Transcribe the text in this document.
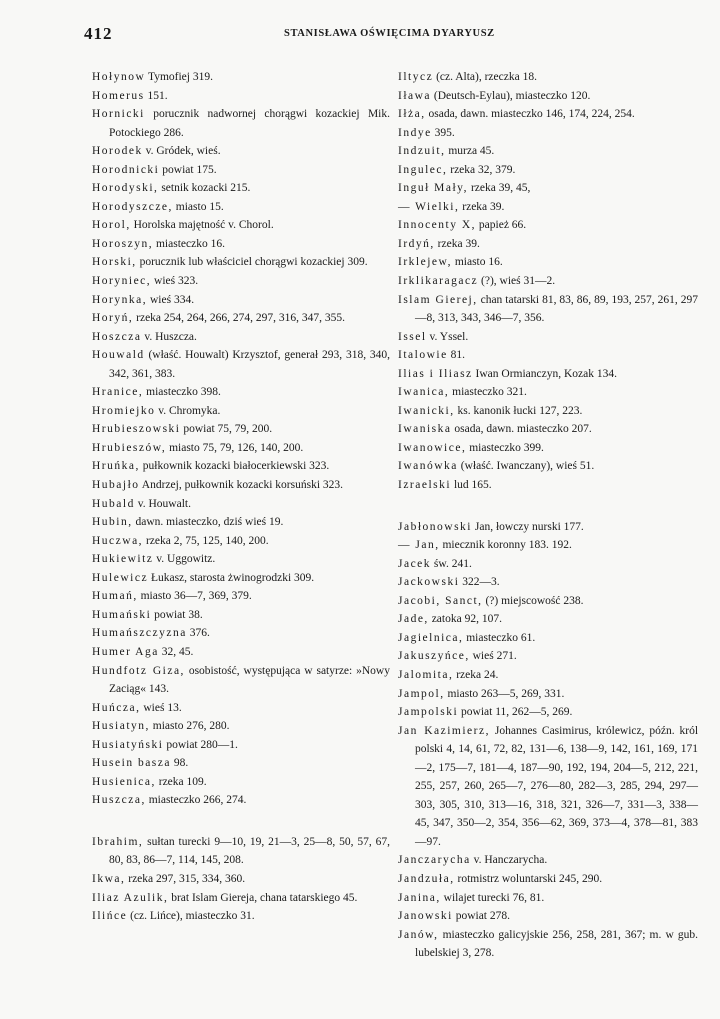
412	STANISŁAWA OŚWIĘCIMA DYARYUSZ
Hołynow Tymofiej 319.
Homerus 151.
Hornicki porucznik nadwornej chorągwi kozackiej Mik. Potockiego 286.
Horodek v. Gródek, wieś.
Horodnicki powiat 175.
Horodyski, setnik kozacki 215.
Horodyszcze, miasto 15.
Horol, Horolska majętność v. Chorol.
Horoszyn, miasteczko 16.
Horski, porucznik lub właściciel chorągwi kozackiej 309.
Horyniec, wieś 323.
Horynka, wieś 334.
Horyń, rzeka 254, 264, 266, 274, 297, 316, 347, 355.
Hoszcza v. Huszcza.
Houwald (właść. Houwalt) Krzysztof, generał 293, 318, 340, 342, 361, 383.
Hranice, miasteczko 398.
Hromiejko v. Chromyka.
Hrubieszowski powiat 75, 79, 200.
Hrubieszów, miasto 75, 79, 126, 140, 200.
Hruńka, pułkownik kozacki białocerkiewski 323.
Hubajło Andrzej, pułkownik kozacki korsuński 323.
Hubald v. Houwalt.
Hubin, dawn. miasteczko, dziś wieś 19.
Huczwa, rzeka 2, 75, 125, 140, 200.
Hukiewitz v. Uggowitz.
Hulewicz Łukasz, starosta żwinogrodzki 309.
Humań, miasto 36—7, 369, 379.
Humański powiat 38.
Humańszczyzna 376.
Humer Aga 32, 45.
Hundfotz Giza, osobistość, występująca w satyrze: »Nowy Zaciąg« 143.
Huńcza, wieś 13.
Husiatyn, miasto 276, 280.
Husiatyński powiat 280—1.
Husein basza 98.
Husienica, rzeka 109.
Huszcza, miasteczko 266, 274.
Ibrahim, sułtan turecki 9—10, 19, 21—3, 25—8, 50, 57, 67, 80, 83, 86—7, 114, 145, 208.
Ikwa, rzeka 297, 315, 334, 360.
Iliaz Azulik, brat Islam Giereja, chana tatarskiego 45.
Ilińce (cz. Lińce), miasteczko 31.
Iltycz (cz. Alta), rzeczka 18.
Iława (Deutsch-Eylau), miasteczko 120.
Iłża, osada, dawn. miasteczko 146, 174, 224, 254.
Indye 395.
Indzuit, murza 45.
Ingulec, rzeka 32, 379.
Inguł Mały, rzeka 39, 45,
— Wielki, rzeka 39.
Innocenty X, papież 66.
Irdyń, rzeka 39.
Irklejew, miasto 16.
Irklikaragacz (?), wieś 31—2.
Islam Gierej, chan tatarski 81, 83, 86, 89, 193, 257, 261, 297—8, 313, 343, 346—7, 356.
Issel v. Yssel.
Italowie 81.
Ilias i Iliasz Iwan Ormianczyn, Kozak 134.
Iwanica, miasteczko 321.
Iwanicki, ks. kanonik łucki 127, 223.
Iwaniska osada, dawn. miasteczko 207.
Iwanowice, miasteczko 399.
Iwanówka (właść. Iwanczany), wieś 51.
Izraelski lud 165.
Jabłonowski Jan, łowczy nurski 177.
— Jan, miecznik koronny 183. 192.
Jacek św. 241.
Jackowski 322—3.
Jacobi, Sanct, (?) miejscowość 238.
Jade, zatoka 92, 107.
Jagielnica, miasteczko 61.
Jakuszyńce, wieś 271.
Jalomita, rzeka 24.
Jampol, miasto 263—5, 269, 331.
Jampolski powiat 11, 262—5, 269.
Jan Kazimierz, Johannes Casimirus, królewicz, późn. król polski 4, 14, 61, 72, 82, 131—6, 138—9, 142, 161, 169, 171—2, 175—7, 181—4, 187—90, 192, 194, 204—5, 212, 221, 255, 257, 260, 265—7, 276—80, 282—3, 285, 294, 297—303, 305, 310, 313—16, 318, 321, 326—7, 331—3, 338—45, 347, 350—2, 354, 356—62, 369, 373—4, 378—81, 383—97.
Janczarycha v. Hanczarycha.
Jandzuła, rotmistrz woluntarski 245, 290.
Janina, wilajet turecki 76, 81.
Janowski powiat 278.
Janów, miasteczko galicyjskie 256, 258, 281, 367; m. w gub. lubelskiej 3, 278.
